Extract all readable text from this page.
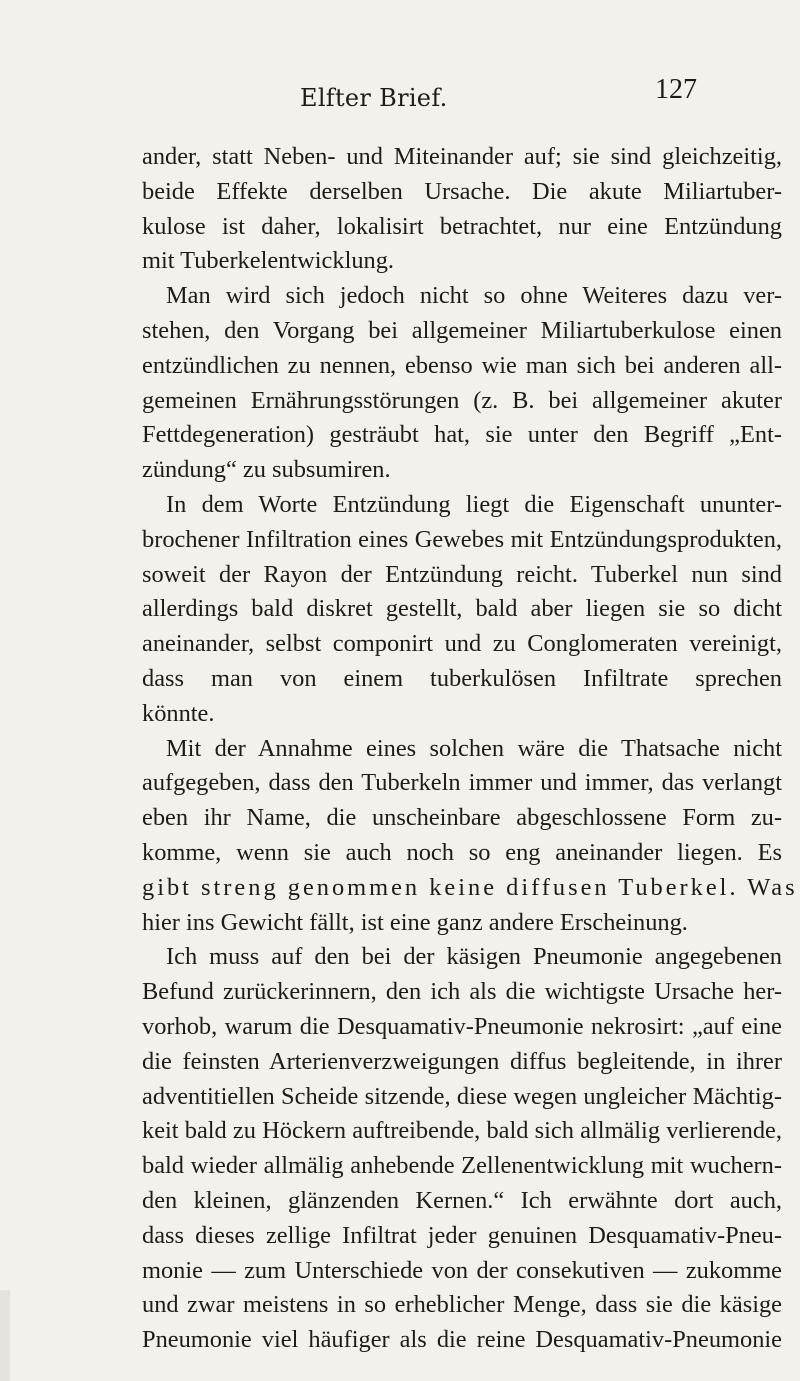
Elfter Brief.	127
ander, statt Neben- und Miteinander auf; sie sind gleichzeitig,
beide Effekte derselben Ursache. Die akute Miliartuber-
kulose ist daher, lokalisirt betrachtet, nur eine Entzündung
mit Tuberkelentwicklung.
Man wird sich jedoch nicht so ohne Weiteres dazu ver-
stehen, den Vorgang bei allgemeiner Miliartuberkulose einen
entzündlichen zu nennen, ebenso wie man sich bei anderen all-
gemeinen Ernährungsstörungen (z. B. bei allgemeiner akuter
Fettdegeneration) gesträubt hat, sie unter den Begriff „Ent-
zündung“ zu subsumiren.
In dem Worte Entzündung liegt die Eigenschaft ununter-
brochener Infiltration eines Gewebes mit Entzündungsprodukten,
soweit der Rayon der Entzündung reicht. Tuberkel nun sind
allerdings bald diskret gestellt, bald aber liegen sie so dicht
aneinander, selbst componirt und zu Conglomeraten vereinigt,
dass man von einem tuberkulösen Infiltrate sprechen
könnte.
Mit der Annahme eines solchen wäre die Thatsache nicht
aufgegeben, dass den Tuberkeln immer und immer, das verlangt
eben ihr Name, die unscheinbare abgeschlossene Form zu-
komme, wenn sie auch noch so eng aneinander liegen. Es
gibt streng genommen keine diffusen Tuberkel. Was
hier ins Gewicht fällt, ist eine ganz andere Erscheinung.
Ich muss auf den bei der käsigen Pneumonie angegebenen
Befund zurückerinnern, den ich als die wichtigste Ursache her-
vorhob, warum die Desquamativ-Pneumonie nekrosirt: „auf eine
die feinsten Arterienverzweigungen diffus begleitende, in ihrer
adventitiellen Scheide sitzende, diese wegen ungleicher Mächtig-
keit bald zu Höckern auftreibende, bald sich allmälig verlierende,
bald wieder allmälig anhebende Zellenentwicklung mit wuchern-
den kleinen, glänzenden Kernen.“ Ich erwähnte dort auch,
dass dieses zellige Infiltrat jeder genuinen Desquamativ-Pneu-
monie — zum Unterschiede von der consekutiven — zukomme
und zwar meistens in so erheblicher Menge, dass sie die käsige
Pneumonie viel häufiger als die reine Desquamativ-Pneumonie
